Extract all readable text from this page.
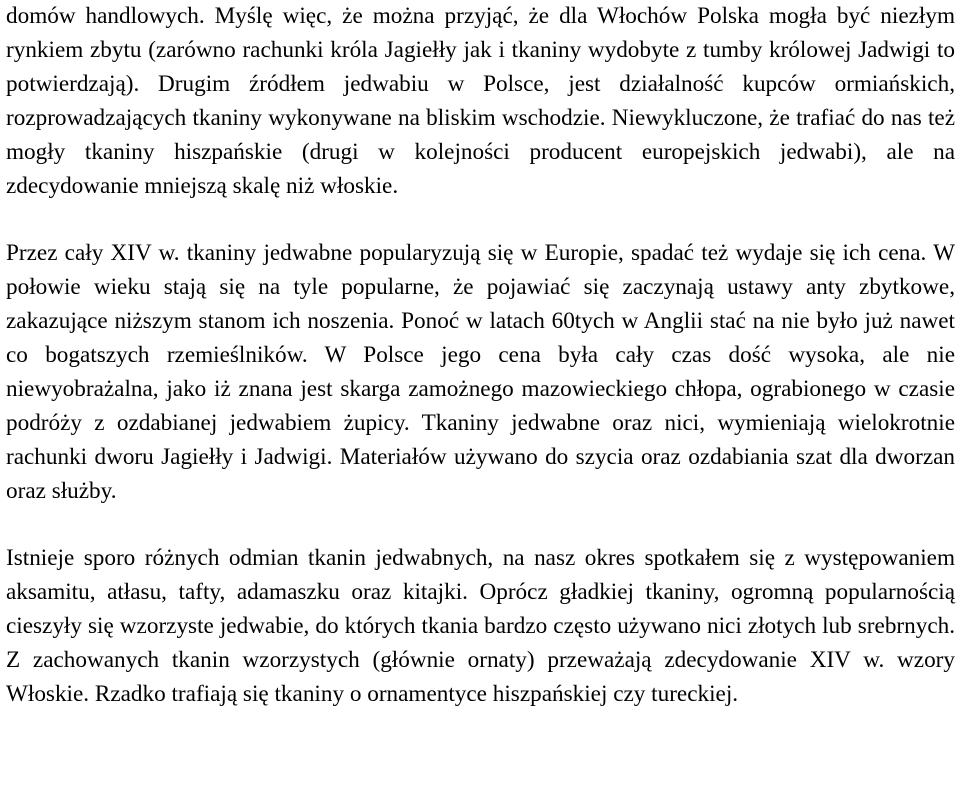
domów handlowych. Myślę więc, że można przyjąć, że dla Włochów Polska mogła być niezłym rynkiem zbytu (zarówno rachunki króla Jagiełły jak i tkaniny wydobyte z tumby królowej Jadwigi to potwierdzają). Drugim źródłem jedwabiu w Polsce, jest działalność kupców ormiańskich, rozprowadzających tkaniny wykonywane na bliskim wschodzie. Niewykluczone, że trafiać do nas też mogły tkaniny hiszpańskie (drugi w kolejności producent europejskich jedwabi), ale na zdecydowanie mniejszą skalę niż włoskie.

Przez cały XIV w. tkaniny jedwabne popularyzują się w Europie, spadać też wydaje się ich cena. W połowie wieku stają się na tyle popularne, że pojawiać się zaczynają ustawy anty zbytkowe, zakazujące niższym stanom ich noszenia. Ponoć w latach 60tych w Anglii stać na nie było już nawet co bogatszych rzemieślników. W Polsce jego cena była cały czas dość wysoka, ale nie niewyobrażalna, jako iż znana jest skarga zamożnego mazowieckiego chłopa, ograbionego w czasie podróży z ozdabianej jedwabiem żupicy. Tkaniny jedwabne oraz nici, wymieniają wielokrotnie rachunki dworu Jagiełły i Jadwigi. Materiałów używano do szycia oraz ozdabiania szat dla dworzan oraz służby.

Istnieje sporo różnych odmian tkanin jedwabnych, na nasz okres spotkałem się z występowaniem aksamitu, atłasu, tafty, adamaszku oraz kitajki. Oprócz gładkiej tkaniny, ogromną popularnością cieszyły się wzorzyste jedwabie, do których tkania bardzo często używano nici złotych lub srebrnych. Z zachowanych tkanin wzorzystych (głównie ornaty) przeważają zdecydowanie XIV w. wzory Włoskie. Rzadko trafiają się tkaniny o ornamentyce hiszpańskiej czy tureckiej.
